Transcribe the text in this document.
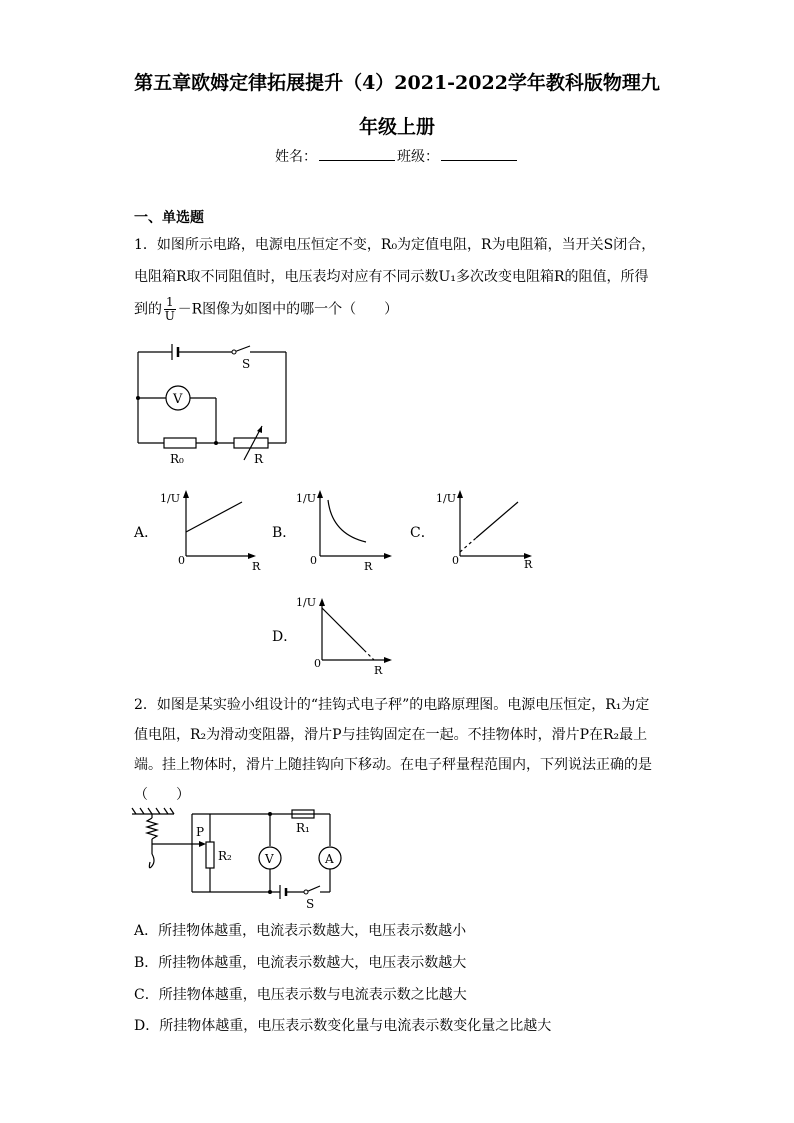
第五章欧姆定律拓展提升（4）2021-2022学年教科版物理九
年级上册
姓名：	班级：
一、单选题
1．如图所示电路，电源电压恒定不变，R₀为定值电阻，R为电阻箱，当开关S闭合，
电阻箱R取不同阻值时，电压表均对应有不同示数U₁多次改变电阻箱R的阻值，所得
到的 $\frac{1}{U} -R$图像为如图中的哪一个（　　）
S
V
R₀	R
A．
1/U
0	R
B．
1/U
0	R
C．
1/U
0	R
D．
1/U
0
R
2．如图是某实验小组设计的“挂钩式电子秤”的电路原理图。电源电压恒定，R₁为定
值电阻，R₂为滑动变阻器，滑片P与挂钩固定在一起。不挂物体时，滑片P在R₂最上
端。挂上物体时，滑片上随挂钩向下移动。在电子秤量程范围内，下列说法正确的是
（　　）
P
R₂
R₁
V	A
S
A．所挂物体越重，电流表示数越大，电压表示数越小
B．所挂物体越重，电流表示数越大，电压表示数越大
C．所挂物体越重，电压表示数与电流表示数之比越大
D．所挂物体越重，电压表示数变化量与电流表示数变化量之比越大
